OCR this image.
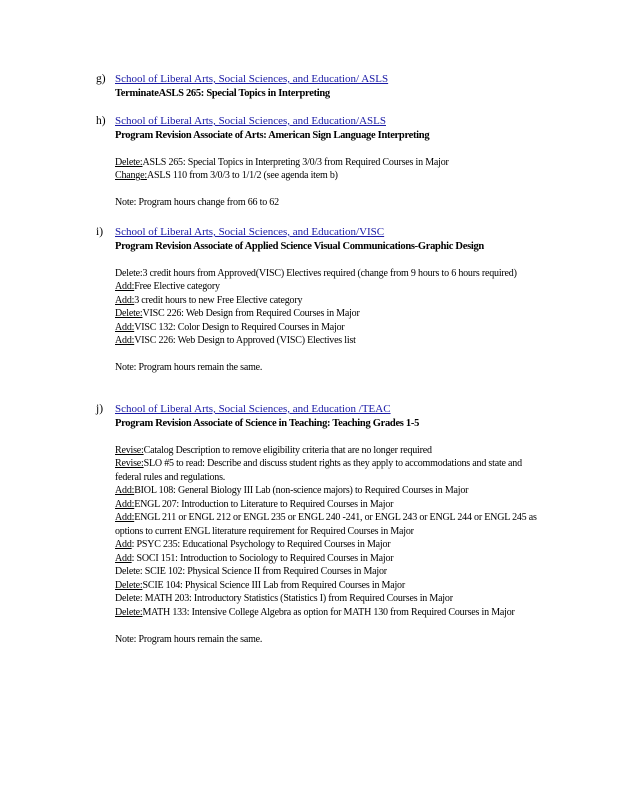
g) School of Liberal Arts, Social Sciences, and Education/ ASLS
TerminateASLS 265: Special Topics in Interpreting
h) School of Liberal Arts, Social Sciences, and Education/ASLS
Program Revision Associate of Arts: American Sign Language Interpreting
Delete:ASLS 265: Special Topics in Interpreting 3/0/3 from Required Courses in Major
Change:ASLS 110 from 3/0/3 to 1/1/2 (see agenda item b)
Note: Program hours change from 66 to 62
i) School of Liberal Arts, Social Sciences, and Education/VISC
Program Revision Associate of Applied Science Visual Communications-Graphic Design
Delete:3 credit hours from Approved(VISC) Electives required (change from 9 hours to 6 hours required)
Add:Free Elective category
Add:3 credit hours to new Free Elective category
Delete:VISC 226: Web Design from Required Courses in Major
Add:VISC 132: Color Design to Required Courses in Major
Add:VISC 226: Web Design to Approved (VISC) Electives list
Note: Program hours remain the same.
j) School of Liberal Arts, Social Sciences, and Education /TEAC
Program Revision Associate of Science in Teaching: Teaching Grades 1-5
Revise:Catalog Description to remove eligibility criteria that are no longer required
Revise:SLO #5 to read: Describe and discuss student rights as they apply to accommodations and state and federal rules and regulations.
Add:BIOL 108: General Biology III Lab (non-science majors) to Required Courses in Major
Add:ENGL 207: Introduction to Literature to Required Courses in Major
Add:ENGL 211 or ENGL 212 or ENGL 235 or ENGL 240 -241, or ENGL 243 or ENGL 244 or ENGL 245 as options to current ENGL literature requirement for Required Courses in Major
Add: PSYC 235: Educational Psychology to Required Courses in Major
Add: SOCI 151: Introduction to Sociology to Required Courses in Major
Delete: SCIE 102: Physical Science II from Required Courses in Major
Delete:SCIE 104: Physical Science III Lab from Required Courses in Major
Delete: MATH 203: Introductory Statistics (Statistics I) from Required Courses in Major
Delete:MATH 133: Intensive College Algebra as option for MATH 130 from Required Courses in Major
Note: Program hours remain the same.
